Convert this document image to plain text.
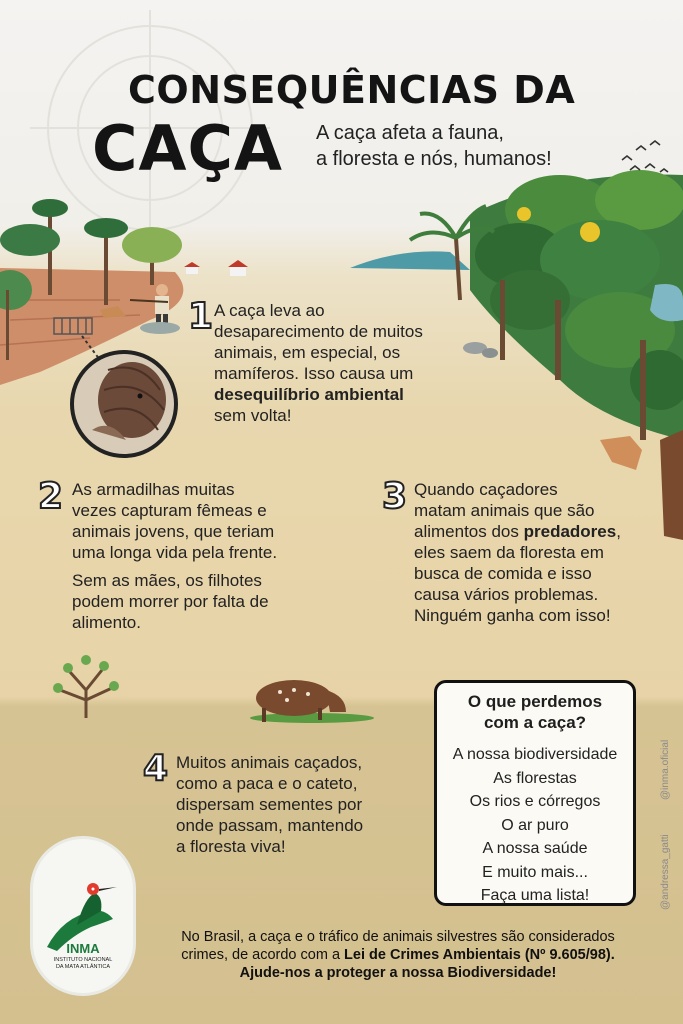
CONSEQUÊNCIAS DA
CAÇA A caça afeta a fauna,
a floresta e nós, humanos!
1 A caça leva ao
desaparecimento de muitos
animais, em especial, os
mamíferos. Isso causa um
desequilíbrio ambiental
sem volta!
2 As armadilhas muitas
vezes capturam fêmeas e
animais jovens, que teriam
uma longa vida pela frente.
Sem as mães, os filhotes
podem morrer por falta de
alimento.
3 Quando caçadores
matam animais que são
alimentos dos predadores,
eles saem da floresta em
busca de comida e isso
causa vários problemas.
Ninguém ganha com isso!
4 Muitos animais caçados,
como a paca e o cateto,
dispersam sementes por
onde passam, mantendo
a floresta viva!
O que perdemos
com a caça?
A nossa biodiversidade
As florestas
Os rios e córregos
O ar puro
A nossa saúde
E muito mais...
Faça uma lista!	@andressa_gatti
@inma.oficial
INMA
INSTITUTO NACIONAL
DA MATA ATLÂNTICA
No Brasil, a caça e o tráfico de animais silvestres são considerados
crimes, de acordo com a Lei de Crimes Ambientais (Nº 9.605/98).
Ajude-nos a proteger a nossa Biodiversidade!
